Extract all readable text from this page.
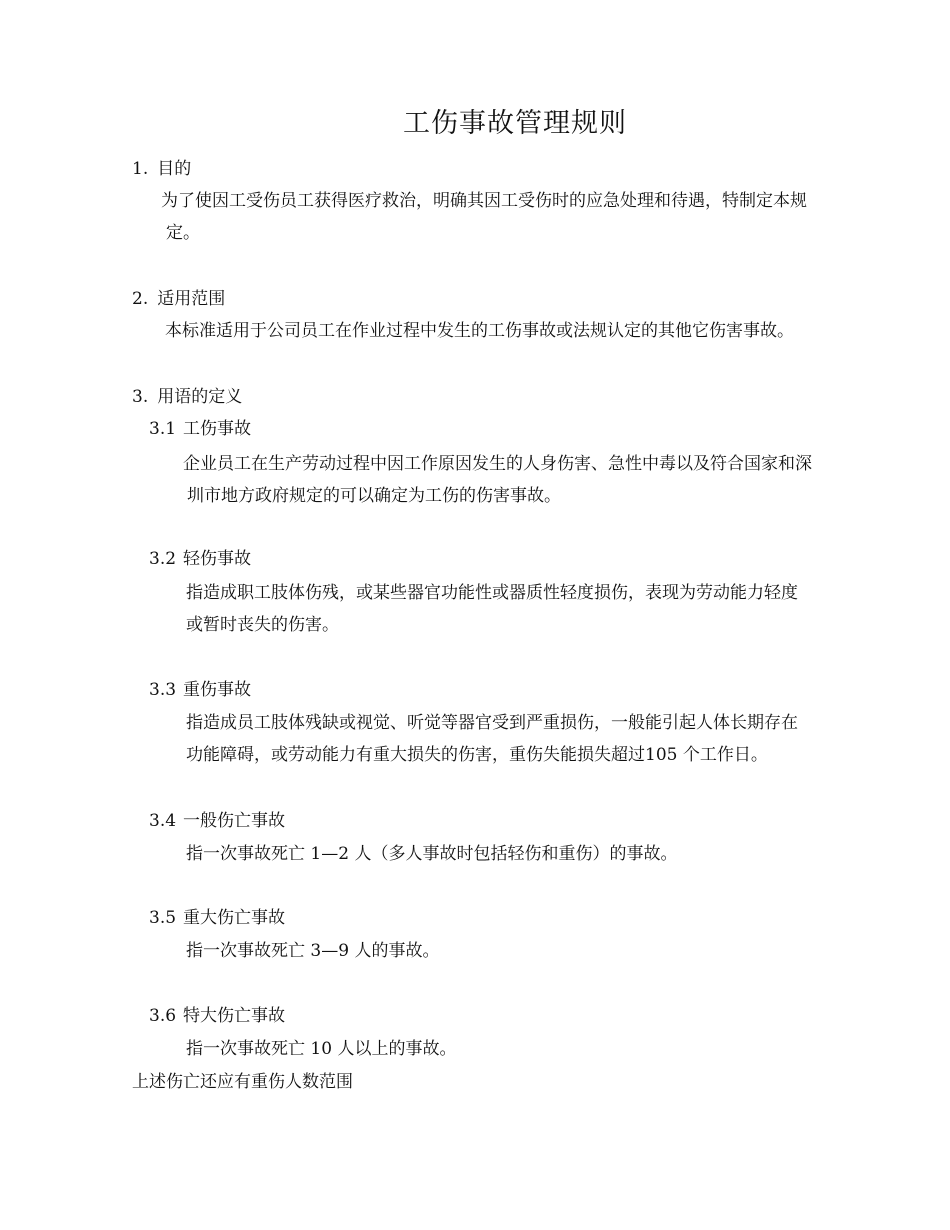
工伤事故管理规则
1. 目的
为了使因工受伤员工获得医疗救治，明确其因工受伤时的应急处理和待遇，特制定本规
定。
2. 适用范围
本标准适用于公司员工在作业过程中发生的工伤事故或法规认定的其他它伤害事故。
3. 用语的定义
3.1 工伤事故
企业员工在生产劳动过程中因工作原因发生的人身伤害、急性中毒以及符合国家和深
圳市地方政府规定的可以确定为工伤的伤害事故。
3.2 轻伤事故
指造成职工肢体伤残，或某些器官功能性或器质性轻度损伤，表现为劳动能力轻度
或暂时丧失的伤害。
3.3 重伤事故
指造成员工肢体残缺或视觉、听觉等器官受到严重损伤，一般能引起人体长期存在
功能障碍，或劳动能力有重大损失的伤害，重伤失能损失超过105 个工作日。
3.4 一般伤亡事故
指一次事故死亡 1—2 人（多人事故时包括轻伤和重伤）的事故。
3.5 重大伤亡事故
指一次事故死亡 3—9 人的事故。
3.6 特大伤亡事故
指一次事故死亡 10 人以上的事故。
上述伤亡还应有重伤人数范围
